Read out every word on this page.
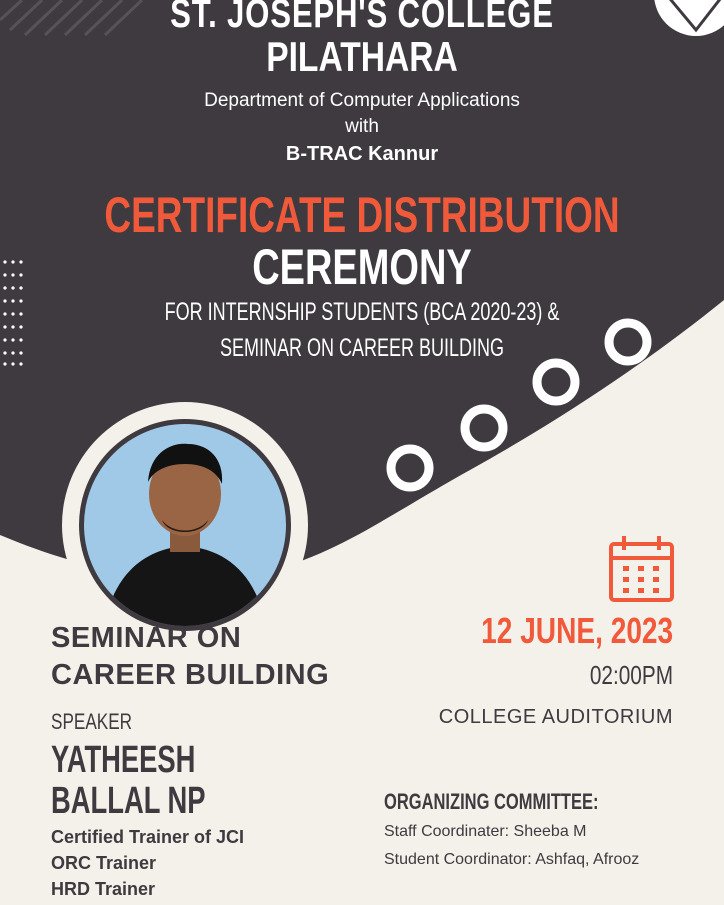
ST. JOSEPH'S COLLEGE
PILATHARA
Department of Computer Applications
with
B-TRAC Kannur
CERTIFICATE DISTRIBUTION
CEREMONY
FOR INTERNSHIP STUDENTS (BCA 2020-23) &
SEMINAR ON CAREER BUILDING
SEMINAR ON
CAREER BUILDING
SPEAKER
YATHEESH
BALLAL NP
Certified Trainer of JCI
ORC Trainer
HRD Trainer
12 JUNE, 2023
02:00PM
COLLEGE AUDITORIUM
ORGANIZING COMMITTEE:
Staff Coordinater: Sheeba M
Student Coordinator: Ashfaq, Afrooz
